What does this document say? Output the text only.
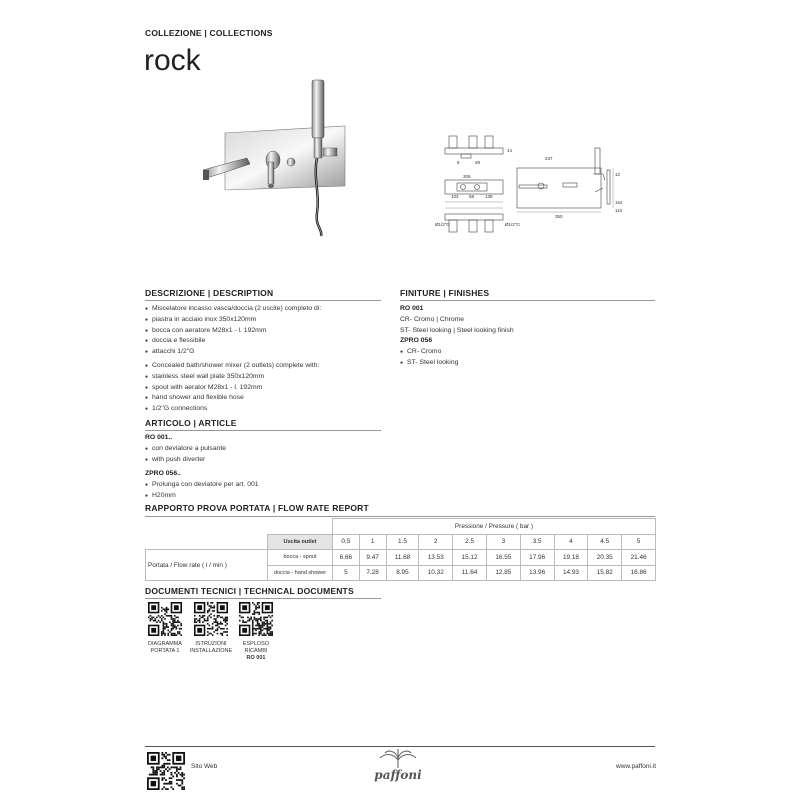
COLLEZIONE | COLLECTIONS
rock
14
8	39
103 68 139
306
237
350
162
12
110
Ø1/2"G	Ø1/2"G
DESCRIZIONE | DESCRIPTION
● Miscelatore incasso vasca/doccia (2 uscite) completo di:
● piastra in acciaio inox 350x120mm
● bocca con aeratore M28x1 - l. 192mm
● doccia e flessibile
● attacchi 1/2"G
● Concealed bath/shower mixer (2 outlets) complete with:
● stainless steel wall plate 350x120mm
● spout with aerator M28x1 - l. 192mm
● hand shower and flexible hose
● 1/2"G connections
ARTICOLO | ARTICLE
RO 001..
● con deviatore a pulsante
● with push diverter
ZPRO 056..
● Prolunga con deviatore per art. 001
● H20mm
FINITURE | FINISHES
RO 001
CR- Cromo | Chrome
ST- Steel looking | Steel looking finish
ZPRO 056
● CR- Cromo
● ST- Steel looking
RAPPORTO PROVA PORTATA | FLOW RATE REPORT
		Pressione / Pressure ( bar )									
	Uscita outlet	0,5	1	1.5	2	2.5	3	3.5	4	4.5	5
Portata / Flow rate ( l / min )	bocca - spout	6.66	9.47	11.68	13.53	15.12	16.55	17.96	19.18	20.35	21.46
	doccia - hand shower	5	7.28	8.95	10.32	11.64	12.85	13.96	14.93	15.82	16.86
DOCUMENTI TECNICI | TECHNICAL DOCUMENTS
DIAGRAMMA
PORTATA 1
ISTRUZIONI
INSTALLAZIONE
ESPLOSO
RICAMBI
RO 001
Sito Web
paffoni
www.paffoni.it
